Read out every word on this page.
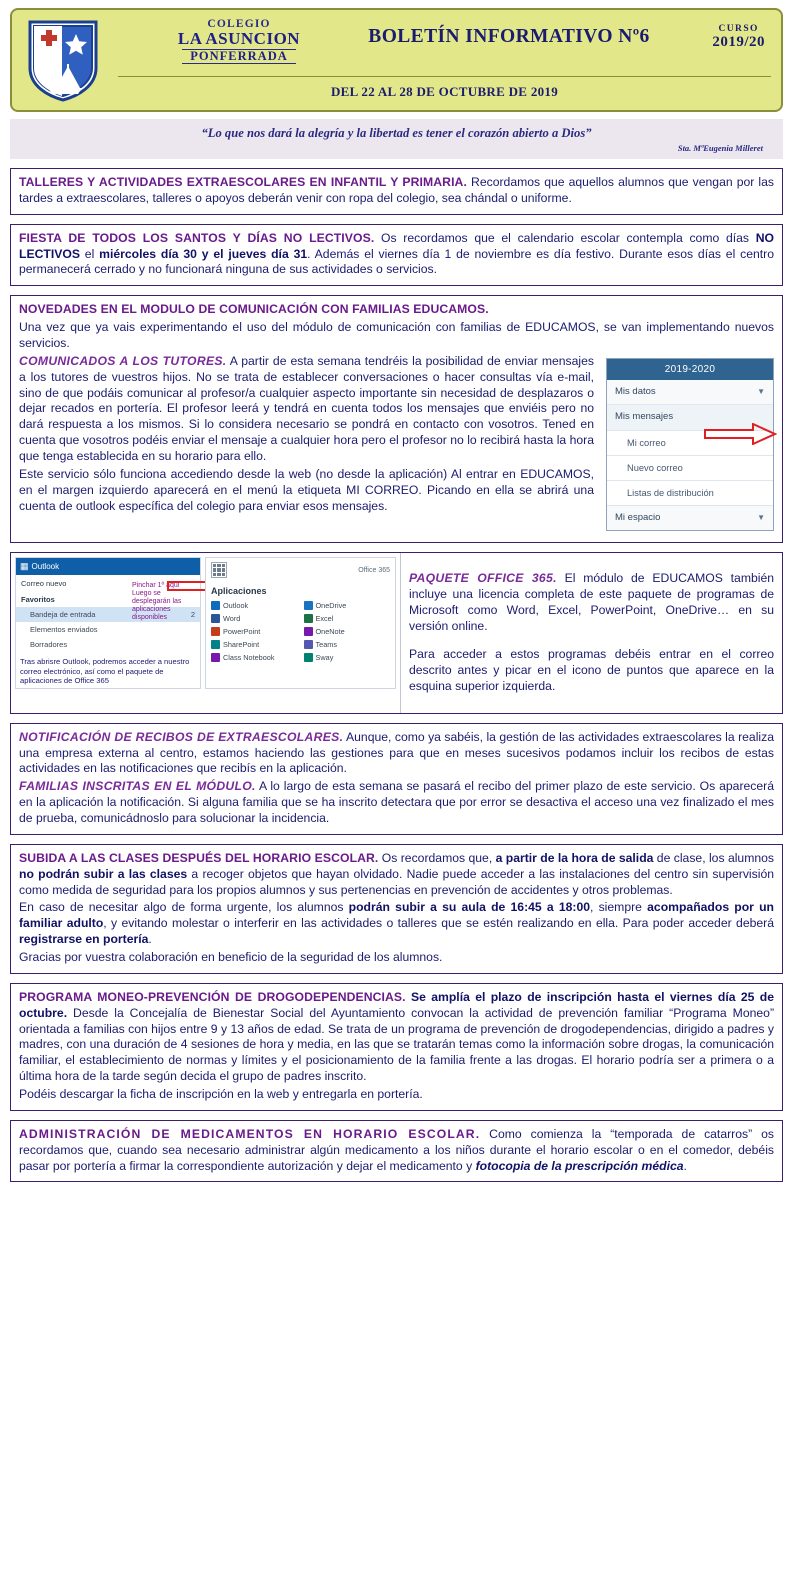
COLEGIO
LA ASUNCION
PONFERRADA
BOLETÍN INFORMATIVO Nº6	CURSO
2019/20
DEL 22 AL 28 DE OCTUBRE DE 2019
“Lo que nos dará la alegría y la libertad es tener el corazón abierto a Dios”
Sta. MªEugenia Milleret

TALLERES Y ACTIVIDADES EXTRAESCOLARES EN INFANTIL Y PRIMARIA. Recordamos que aquellos alumnos que vengan por las tardes a extraescolares, talleres o apoyos deberán venir con ropa del colegio, sea chándal o uniforme.

FIESTA DE TODOS LOS SANTOS Y DÍAS NO LECTIVOS. Os recordamos que el calendario escolar contempla como días NO LECTIVOS el miércoles día 30 y el jueves día 31. Además el viernes día 1 de noviembre es día festivo. Durante esos días el centro permanecerá cerrado y no funcionará ninguna de sus actividades o servicios.

NOVEDADES EN EL MODULO DE COMUNICACIÓN CON FAMILIAS EDUCAMOS.

Una vez que ya vais experimentando el uso del módulo de comunicación con familias de EDUCAMOS, se van implementando nuevos servicios.

2019-2020
Mis datos	▼
Mis mensajes
Mi correo
Nuevo correo
Listas de distribución
Mi espacio	▼

COMUNICADOS A LOS TUTORES. A partir de esta semana tendréis la posibilidad de enviar mensajes a los tutores de vuestros hijos. No se trata de establecer conversaciones o hacer consultas vía e-mail, sino de que podáis comunicar al profesor/a cualquier aspecto importante sin necesidad de desplazaros o dejar recados en portería. El profesor leerá y tendrá en cuenta todos los mensajes que enviéis pero no dará respuesta a los mismos. Si lo considera necesario se pondrá en contacto con vosotros. Tened en cuenta que vosotros podéis enviar el mensaje a cualquier hora pero el profesor no lo recibirá hasta la hora que tenga establecida en su horario para ello.

Este servicio sólo funciona accediendo desde la web (no desde la aplicación) Al entrar en EDUCAMOS, en el margen izquierdo aparecerá en el menú la etiqueta MI CORREO. Picando en ella se abrirá una cuenta de outlook específica del colegio para enviar esos mensajes.

▦ Outlook
Correo nuevo
Favoritos
Bandeja de entrada	2
Elementos enviados
Borradores
Pinchar 1º aquí
Luego se desplegarán las aplicaciones disponibles
Tras abrisre Outlook, podremos acceder a nuestro correo electrónico, así como el paquete de aplicaciones de Office 365
Office 365
Aplicaciones
Outlook	OneDrive
Word	Excel
PowerPoint	OneNote
SharePoint	Teams
Class Notebook	Sway

PAQUETE OFFICE 365. El módulo de EDUCAMOS también incluye una licencia completa de este paquete de programas de Microsoft como Word, Excel, PowerPoint, OneDrive… en su versión online.

Para acceder a estos programas debéis entrar en el correo descrito antes y picar en el icono de puntos que aparece en la esquina superior izquierda.

NOTIFICACIÓN DE RECIBOS DE EXTRAESCOLARES. Aunque, como ya sabéis, la gestión de las actividades extraescolares la realiza una empresa externa al centro, estamos haciendo las gestiones para que en meses sucesivos podamos incluir los recibos de estas actividades en las notificaciones que recibís en la aplicación.

FAMILIAS INSCRITAS EN EL MÓDULO. A lo largo de esta semana se pasará el recibo del primer plazo de este servicio. Os aparecerá en la aplicación la notificación. Si alguna familia que se ha inscrito detectara que por error se desactiva el acceso una vez finalizado el mes de prueba, comunicádnoslo para solucionar la incidencia.

SUBIDA A LAS CLASES DESPUÉS DEL HORARIO ESCOLAR. Os recordamos que, a partir de la hora de salida de clase, los alumnos no podrán subir a las clases a recoger objetos que hayan olvidado. Nadie puede acceder a las instalaciones del centro sin supervisión como medida de seguridad para los propios alumnos y sus pertenencias en prevención de accidentes y otros problemas.

En caso de necesitar algo de forma urgente, los alumnos podrán subir a su aula de 16:45 a 18:00, siempre acompañados por un familiar adulto, y evitando molestar o interferir en las actividades o talleres que se estén realizando en ella. Para poder acceder deberá registrarse en portería.

Gracias por vuestra colaboración en beneficio de la seguridad de los alumnos.

PROGRAMA MONEO-PREVENCIÓN DE DROGODEPENDENCIAS. Se amplía el plazo de inscripción hasta el viernes día 25 de octubre. Desde la Concejalía de Bienestar Social del Ayuntamiento convocan la actividad de prevención familiar “Programa Moneo” orientada a familias con hijos entre 9 y 13 años de edad. Se trata de un programa de prevención de drogodependencias, dirigido a padres y madres, con una duración de 4 sesiones de hora y media, en las que se tratarán temas como la información sobre drogas, la comunicación familiar, el establecimiento de normas y límites y el posicionamiento de la familia frente a las drogas. El horario podría ser a primera o a última hora de la tarde según decida el grupo de padres inscrito.

Podéis descargar la ficha de inscripción en la web y entregarla en portería.

ADMINISTRACIÓN DE MEDICAMENTOS EN HORARIO ESCOLAR. Como comienza la “temporada de catarros” os recordamos que, cuando sea necesario administrar algún medicamento a los niños durante el horario escolar o en el comedor, debéis pasar por portería a firmar la correspondiente autorización y dejar el medicamento y fotocopia de la prescripción médica.
